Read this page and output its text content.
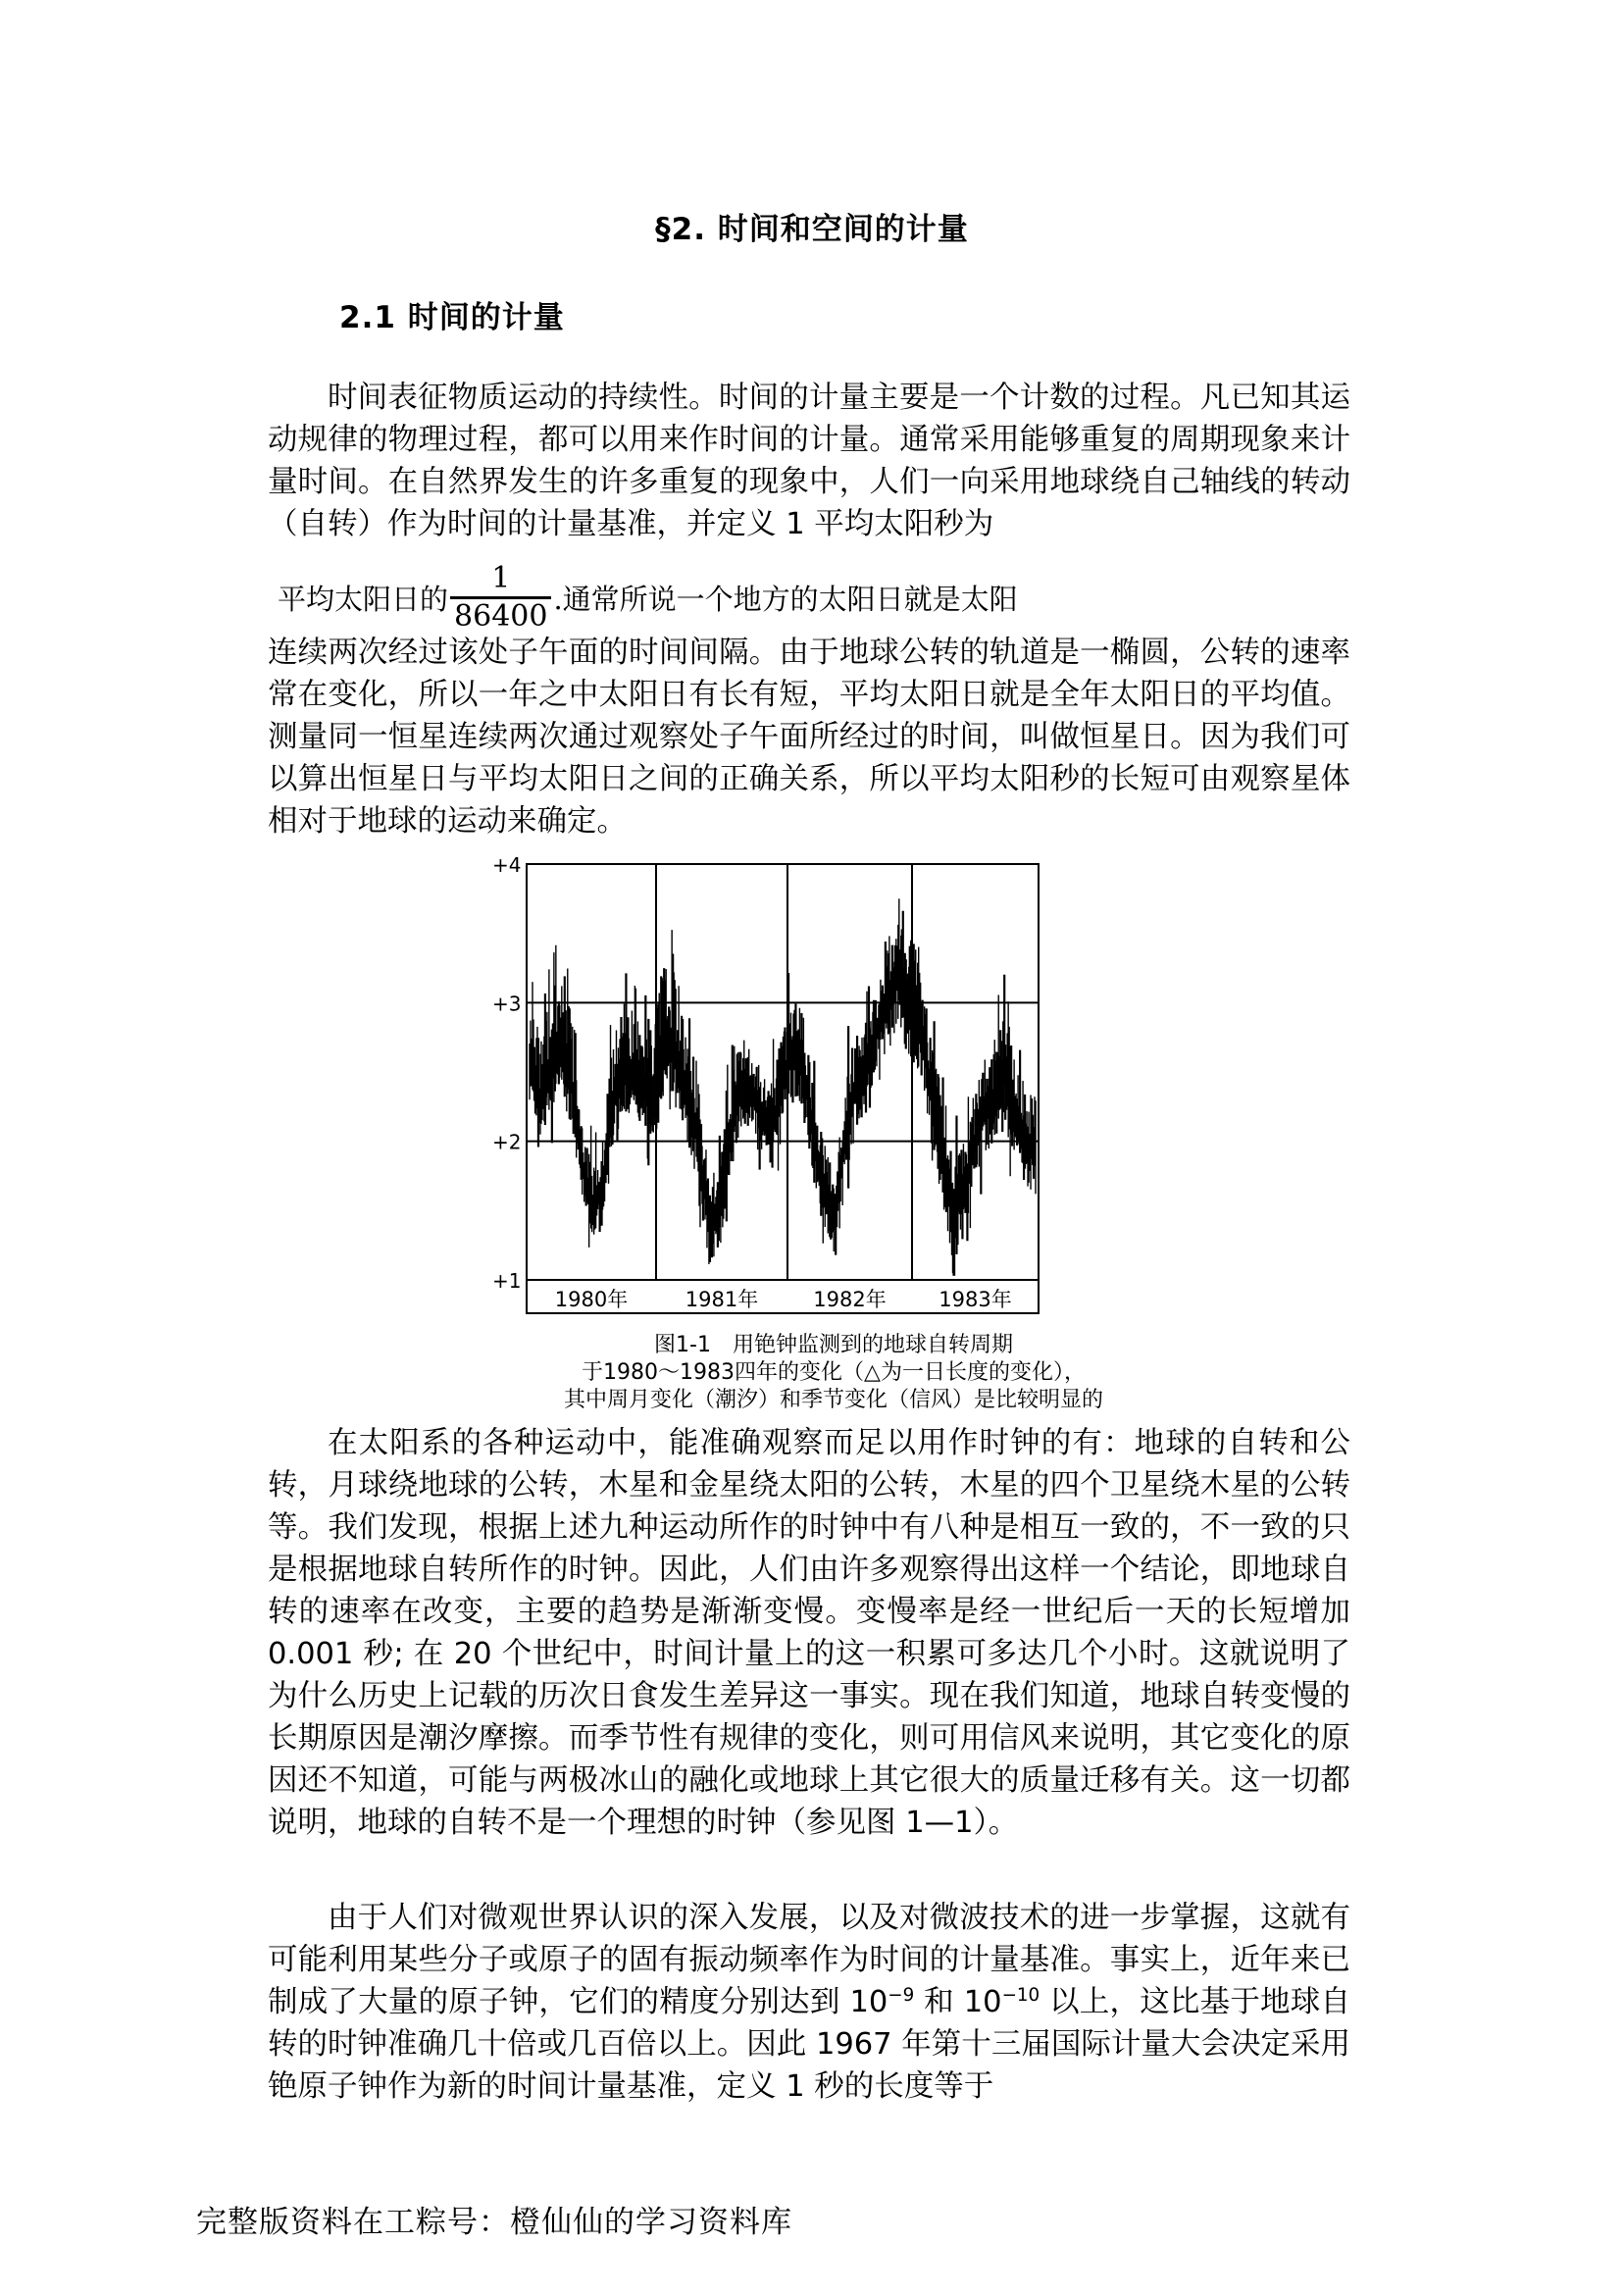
§2. 时间和空间的计量
2.1 时间的计量

时间表征物质运动的持续性。时间的计量主要是一个计数的过程。凡已知其运动规律的物理过程，都可以用来作时间的计量。通常采用能够重复的周期现象来计量时间。在自然界发生的许多重复的现象中，人们一向采用地球绕自己轴线的转动（自转）作为时间的计量基准，并定义 1 平均太阳秒为

平均太阳日的 $\frac{1}{86400}$ .通常所说一个地方的太阳日就是太阳

连续两次经过该处子午面的时间间隔。由于地球公转的轨道是一椭圆，公转的速率常在变化，所以一年之中太阳日有长有短，平均太阳日就是全年太阳日的平均值。测量同一恒星连续两次通过观察处子午面所经过的时间，叫做恒星日。因为我们可以算出恒星日与平均太阳日之间的正确关系，所以平均太阳秒的长短可由观察星体相对于地球的运动来确定。

+1
+2
+3
+4
1980年	1981年	1982年	1983年
图1-1　用铯钟监测到的地球自转周期
于1980～1983四年的变化（△为一日长度的变化），
其中周月变化（潮汐）和季节变化（信风）是比较明显的

在太阳系的各种运动中，能准确观察而足以用作时钟的有：地球的自转和公转，月球绕地球的公转，木星和金星绕太阳的公转，木星的四个卫星绕木星的公转等。我们发现，根据上述九种运动所作的时钟中有八种是相互一致的，不一致的只是根据地球自转所作的时钟。因此，人们由许多观察得出这样一个结论，即地球自转的速率在改变，主要的趋势是渐渐变慢。变慢率是经一世纪后一天的长短增加 0.001 秒; 在 20 个世纪中，时间计量上的这一积累可多达几个小时。这就说明了为什么历史上记载的历次日食发生差异这一事实。现在我们知道，地球自转变慢的长期原因是潮汐摩擦。而季节性有规律的变化，则可用信风来说明，其它变化的原因还不知道，可能与两极冰山的融化或地球上其它很大的质量迁移有关。这一切都说明，地球的自转不是一个理想的时钟（参见图 1—1）。

由于人们对微观世界认识的深入发展，以及对微波技术的进一步掌握，这就有可能利用某些分子或原子的固有振动频率作为时间的计量基准。事实上，近年来已制成了大量的原子钟，它们的精度分别达到 $10^{-9}$ 和 $10^{-10}$ 以上，这比基于地球自转的时钟准确几十倍或几百倍以上。因此 1967 年第十三届国际计量大会决定采用铯原子钟作为新的时间计量基准，定义 1 秒的长度等于

完整版资料在工粽号：橙仙仙的学习资料库
